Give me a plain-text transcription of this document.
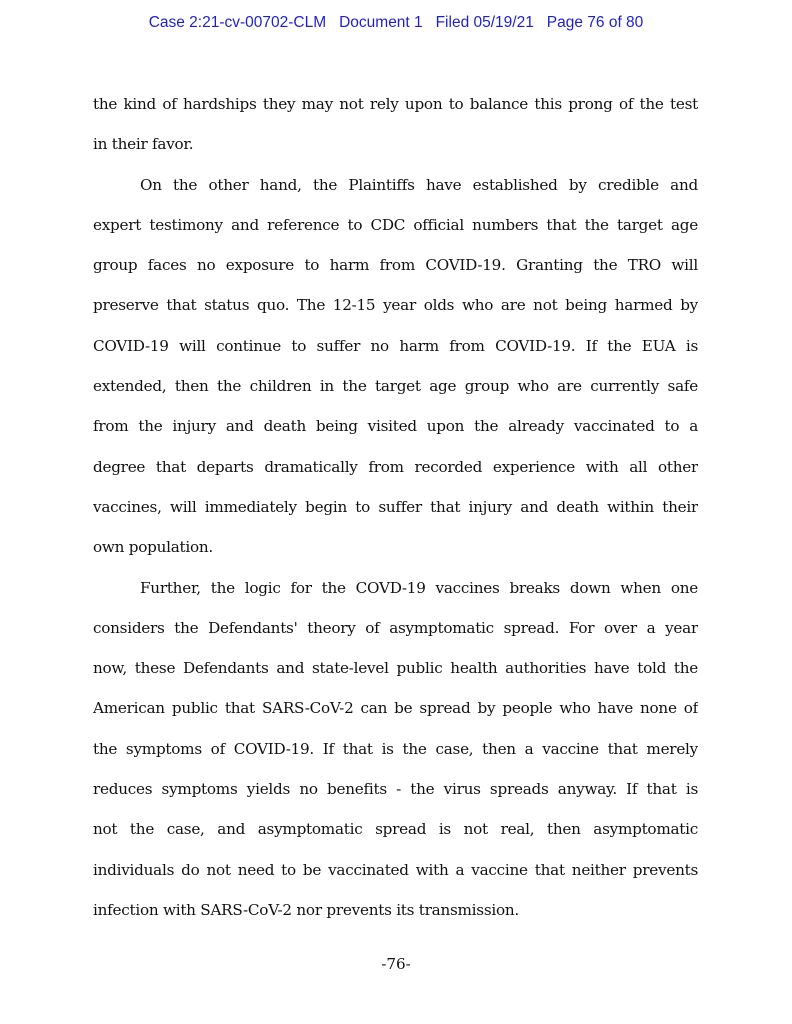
Case 2:21-cv-00702-CLM Document 1 Filed 05/19/21 Page 76 of 80
the kind of hardships they may not rely upon to balance this prong of the test
in their favor.
On the other hand, the Plaintiffs have established by credible and
expert testimony and reference to CDC official numbers that the target age
group faces no exposure to harm from COVID-19. Granting the TRO will
preserve that status quo. The 12-15 year olds who are not being harmed by
COVID-19 will continue to suffer no harm from COVID-19. If the EUA is
extended, then the children in the target age group who are currently safe
from the injury and death being visited upon the already vaccinated to a
degree that departs dramatically from recorded experience with all other
vaccines, will immediately begin to suffer that injury and death within their
own population.
Further, the logic for the COVD-19 vaccines breaks down when one
considers the Defendants' theory of asymptomatic spread. For over a year
now, these Defendants and state-level public health authorities have told the
American public that SARS-CoV-2 can be spread by people who have none of
the symptoms of COVID-19. If that is the case, then a vaccine that merely
reduces symptoms yields no benefits - the virus spreads anyway. If that is
not the case, and asymptomatic spread is not real, then asymptomatic
individuals do not need to be vaccinated with a vaccine that neither prevents
infection with SARS-CoV-2 nor prevents its transmission.
-76-
